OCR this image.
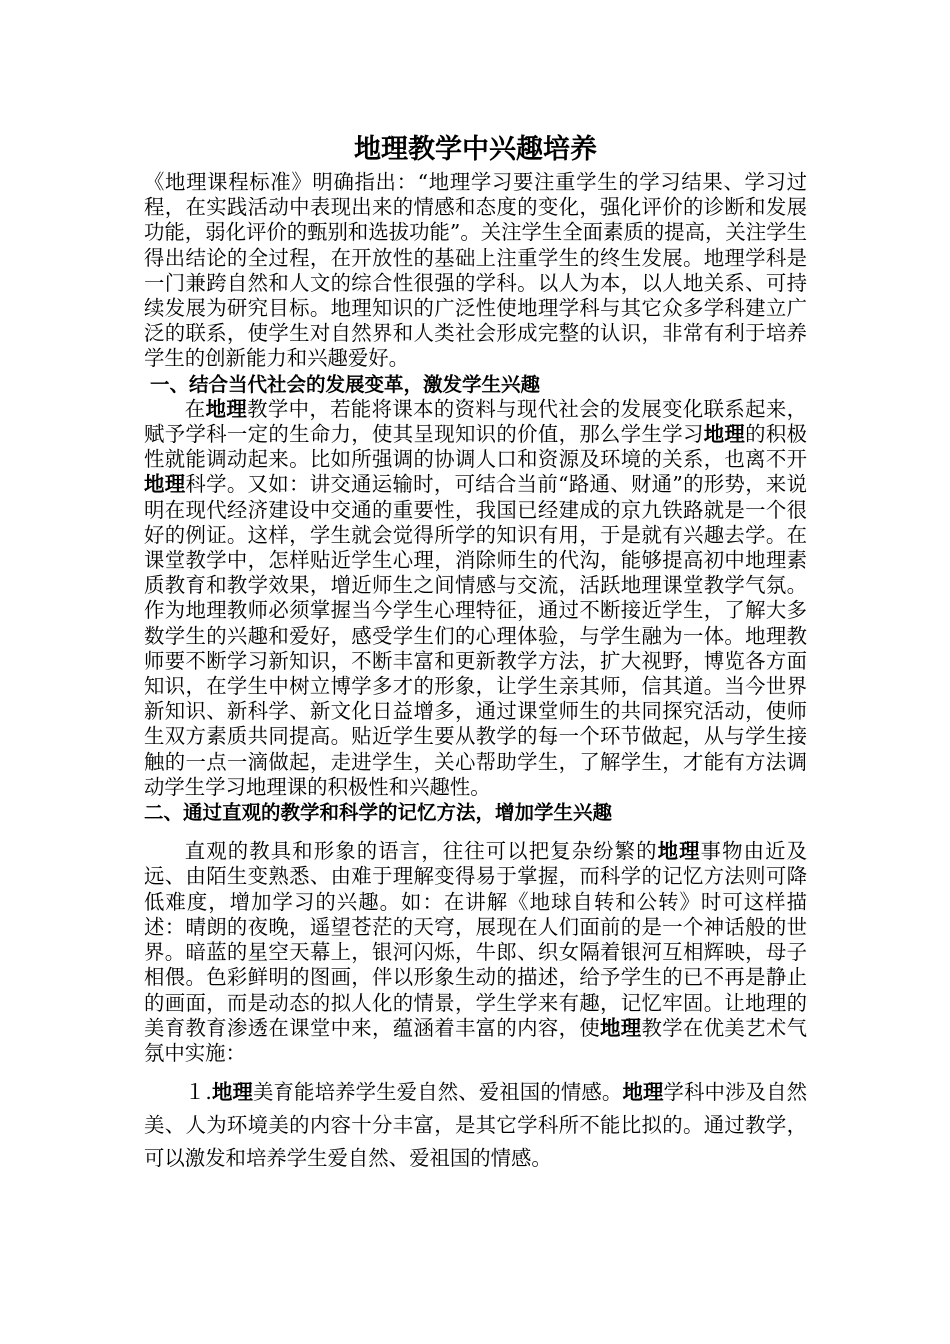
地理教学中兴趣培养

《地理课程标准》明确指出：“地理学习要注重学生的学习结果、学习过程，在实践活动中表现出来的情感和态度的变化，强化评价的诊断和发展功能，弱化评价的甄别和选拔功能”。关注学生全面素质的提高，关注学生得出结论的全过程，在开放性的基础上注重学生的终生发展。地理学科是一门兼跨自然和人文的综合性很强的学科。以人为本，以人地关系、可持续发展为研究目标。地理知识的广泛性使地理学科与其它众多学科建立广泛的联系，使学生对自然界和人类社会形成完整的认识，非常有利于培养学生的创新能力和兴趣爱好。

一、结合当代社会的发展变革，激发学生兴趣

在地理教学中，若能将课本的资料与现代社会的发展变化联系起来，赋予学科一定的生命力，使其呈现知识的价值，那么学生学习地理的积极性就能调动起来。比如所强调的协调人口和资源及环境的关系，也离不开地理科学。又如：讲交通运输时，可结合当前“路通、财通”的形势，来说明在现代经济建设中交通的重要性，我国已经建成的京九铁路就是一个很好的例证。这样，学生就会觉得所学的知识有用，于是就有兴趣去学。在课堂教学中，怎样贴近学生心理，消除师生的代沟，能够提高初中地理素质教育和教学效果，增近师生之间情感与交流，活跃地理课堂教学气氛。作为地理教师必须掌握当今学生心理特征，通过不断接近学生，了解大多数学生的兴趣和爱好，感受学生们的心理体验，与学生融为一体。地理教师要不断学习新知识，不断丰富和更新教学方法，扩大视野，博览各方面知识，在学生中树立博学多才的形象，让学生亲其师，信其道。当今世界新知识、新科学、新文化日益增多，通过课堂师生的共同探究活动，使师生双方素质共同提高。贴近学生要从教学的每一个环节做起，从与学生接触的一点一滴做起，走进学生，关心帮助学生，了解学生，才能有方法调动学生学习地理课的积极性和兴趣性。

二、通过直观的教学和科学的记忆方法，增加学生兴趣

直观的教具和形象的语言，往往可以把复杂纷繁的地理事物由近及远、由陌生变熟悉、由难于理解变得易于掌握，而科学的记忆方法则可降低难度，增加学习的兴趣。如：在讲解《地球自转和公转》时可这样描述：晴朗的夜晚，遥望苍茫的天穹，展现在人们面前的是一个神话般的世界。暗蓝的星空天幕上，银河闪烁，牛郎、织女隔着银河互相辉映，母子相偎。色彩鲜明的图画，伴以形象生动的描述，给予学生的已不再是静止的画面，而是动态的拟人化的情景，学生学来有趣，记忆牢固。让地理的美育教育渗透在课堂中来，蕴涵着丰富的内容，使地理教学在优美艺术气氛中实施：

１.地理美育能培养学生爱自然、爱祖国的情感。地理学科中涉及自然美、人为环境美的内容十分丰富，是其它学科所不能比拟的。通过教学，可以激发和培养学生爱自然、爱祖国的情感。
